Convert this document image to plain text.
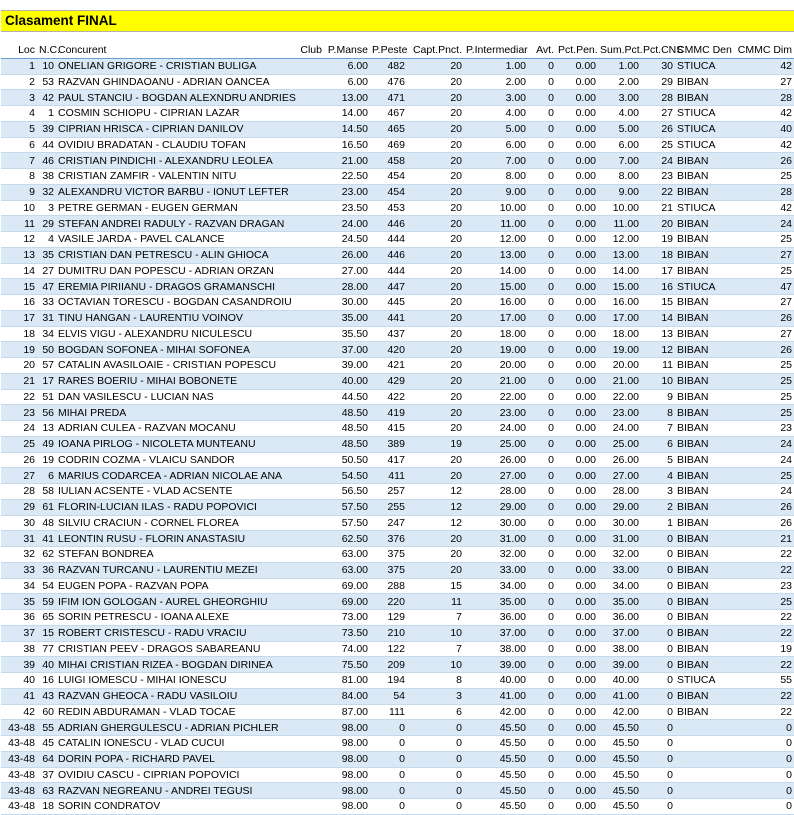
Clasament FINAL
Loc	N.C.	Concurent	Club	P.Manse	P.Peste	Capt.Pnct.	P.Intermediar	Avt.	Pct.Pen.	Sum.Pct.	Pct.CNS	CMMC Den	CMMC Dim
1	10	ONELIAN GRIGORE - CRISTIAN BULIGA		6.00	482	20	1.00	0	0.00	1.00	30	STIUCA	42
2	53	RAZVAN GHINDAOANU - ADRIAN OANCEA		6.00	476	20	2.00	0	0.00	2.00	29	BIBAN	27
3	42	PAUL STANCIU - BOGDAN ALEXNDRU ANDRIES		13.00	471	20	3.00	0	0.00	3.00	28	BIBAN	28
4	1	COSMIN SCHIOPU - CIPRIAN LAZAR		14.00	467	20	4.00	0	0.00	4.00	27	STIUCA	42
5	39	CIPRIAN HRISCA - CIPRIAN DANILOV		14.50	465	20	5.00	0	0.00	5.00	26	STIUCA	40
6	44	OVIDIU BRADATAN - CLAUDIU TOFAN		16.50	469	20	6.00	0	0.00	6.00	25	STIUCA	42
7	46	CRISTIAN PINDICHI - ALEXANDRU LEOLEA		21.00	458	20	7.00	0	0.00	7.00	24	BIBAN	26
8	38	CRISTIAN ZAMFIR - VALENTIN NITU		22.50	454	20	8.00	0	0.00	8.00	23	BIBAN	25
9	32	ALEXANDRU VICTOR BARBU - IONUT LEFTER		23.00	454	20	9.00	0	0.00	9.00	22	BIBAN	28
10	3	PETRE GERMAN - EUGEN GERMAN		23.50	453	20	10.00	0	0.00	10.00	21	STIUCA	42
11	29	STEFAN ANDREI RADULY - RAZVAN DRAGAN		24.00	446	20	11.00	0	0.00	11.00	20	BIBAN	24
12	4	VASILE JARDA - PAVEL CALANCE		24.50	444	20	12.00	0	0.00	12.00	19	BIBAN	25
13	35	CRISTIAN DAN PETRESCU - ALIN GHIOCA		26.00	446	20	13.00	0	0.00	13.00	18	BIBAN	27
14	27	DUMITRU DAN POPESCU - ADRIAN ORZAN		27.00	444	20	14.00	0	0.00	14.00	17	BIBAN	25
15	47	EREMIA PIRIIANU - DRAGOS GRAMANSCHI		28.00	447	20	15.00	0	0.00	15.00	16	STIUCA	47
16	33	OCTAVIAN TORESCU - BOGDAN CASANDROIU		30.00	445	20	16.00	0	0.00	16.00	15	BIBAN	27
17	31	TINU HANGAN - LAURENTIU VOINOV		35.00	441	20	17.00	0	0.00	17.00	14	BIBAN	26
18	34	ELVIS VIGU - ALEXANDRU NICULESCU		35.50	437	20	18.00	0	0.00	18.00	13	BIBAN	27
19	50	BOGDAN SOFONEA - MIHAI SOFONEA		37.00	420	20	19.00	0	0.00	19.00	12	BIBAN	26
20	57	CATALIN AVASILOAIE - CRISTIAN POPESCU		39.00	421	20	20.00	0	0.00	20.00	11	BIBAN	25
21	17	RARES BOERIU - MIHAI BOBONETE		40.00	429	20	21.00	0	0.00	21.00	10	BIBAN	25
22	51	DAN VASILESCU - LUCIAN NAS		44.50	422	20	22.00	0	0.00	22.00	9	BIBAN	25
23	56	MIHAI PREDA		48.50	419	20	23.00	0	0.00	23.00	8	BIBAN	25
24	13	ADRIAN CULEA - RAZVAN MOCANU		48.50	415	20	24.00	0	0.00	24.00	7	BIBAN	23
25	49	IOANA PIRLOG - NICOLETA MUNTEANU		48.50	389	19	25.00	0	0.00	25.00	6	BIBAN	24
26	19	CODRIN COZMA - VLAICU SANDOR		50.50	417	20	26.00	0	0.00	26.00	5	BIBAN	24
27	6	MARIUS CODARCEA - ADRIAN NICOLAE ANA		54.50	411	20	27.00	0	0.00	27.00	4	BIBAN	25
28	58	IULIAN ACSENTE - VLAD ACSENTE		56.50	257	12	28.00	0	0.00	28.00	3	BIBAN	24
29	61	FLORIN-LUCIAN ILAS - RADU POPOVICI		57.50	255	12	29.00	0	0.00	29.00	2	BIBAN	26
30	48	SILVIU CRACIUN - CORNEL FLOREA		57.50	247	12	30.00	0	0.00	30.00	1	BIBAN	26
31	41	LEONTIN RUSU - FLORIN ANASTASIU		62.50	376	20	31.00	0	0.00	31.00	0	BIBAN	21
32	62	STEFAN BONDREA		63.00	375	20	32.00	0	0.00	32.00	0	BIBAN	22
33	36	RAZVAN TURCANU - LAURENTIU MEZEI		63.00	375	20	33.00	0	0.00	33.00	0	BIBAN	22
34	54	EUGEN POPA - RAZVAN POPA		69.00	288	15	34.00	0	0.00	34.00	0	BIBAN	23
35	59	IFIM ION GOLOGAN - AUREL GHEORGHIU		69.00	220	11	35.00	0	0.00	35.00	0	BIBAN	25
36	65	SORIN PETRESCU - IOANA ALEXE		73.00	129	7	36.00	0	0.00	36.00	0	BIBAN	22
37	15	ROBERT CRISTESCU - RADU VRACIU		73.50	210	10	37.00	0	0.00	37.00	0	BIBAN	22
38	77	CRISTIAN PEEV - DRAGOS SABAREANU		74.00	122	7	38.00	0	0.00	38.00	0	BIBAN	19
39	40	MIHAI CRISTIAN RIZEA - BOGDAN DIRINEA		75.50	209	10	39.00	0	0.00	39.00	0	BIBAN	22
40	16	LUIGI IOMESCU - MIHAI IONESCU		81.00	194	8	40.00	0	0.00	40.00	0	STIUCA	55
41	43	RAZVAN GHEOCA - RADU VASILOIU		84.00	54	3	41.00	0	0.00	41.00	0	BIBAN	22
42	60	REDIN ABDURAMAN - VLAD TOCAE		87.00	111	6	42.00	0	0.00	42.00	0	BIBAN	22
43-48	55	ADRIAN GHERGULESCU - ADRIAN PICHLER		98.00	0	0	45.50	0	0.00	45.50	0		0
43-48	45	CATALIN IONESCU - VLAD CUCUI		98.00	0	0	45.50	0	0.00	45.50	0		0
43-48	64	DORIN POPA - RICHARD PAVEL		98.00	0	0	45.50	0	0.00	45.50	0		0
43-48	37	OVIDIU CASCU - CIPRIAN POPOVICI		98.00	0	0	45.50	0	0.00	45.50	0		0
43-48	63	RAZVAN NEGREANU - ANDREI TEGUSI		98.00	0	0	45.50	0	0.00	45.50	0		0
43-48	18	SORIN CONDRATOV		98.00	0	0	45.50	0	0.00	45.50	0		0
